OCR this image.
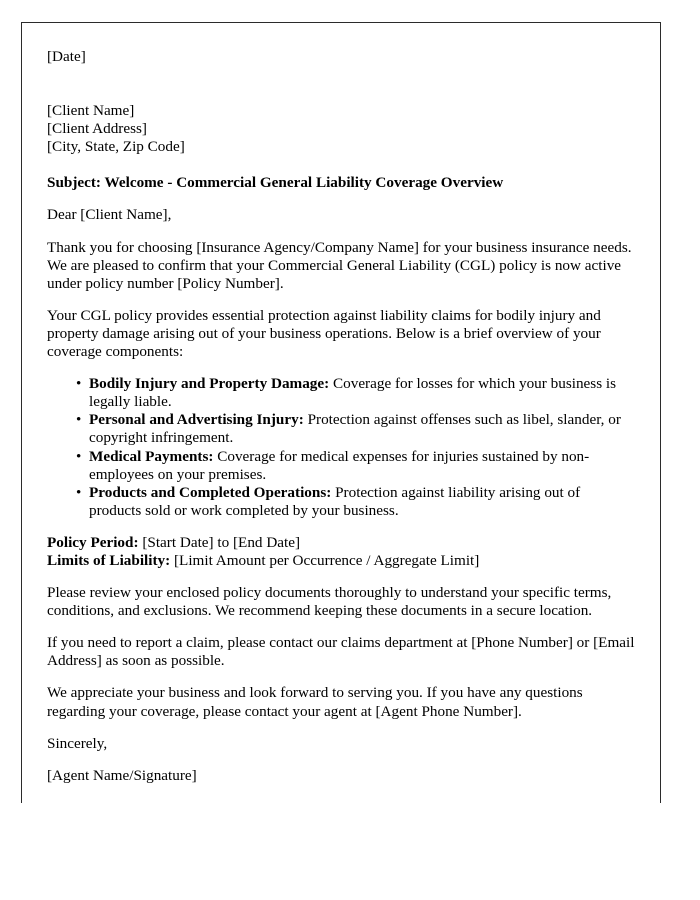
[Date]
[Client Name]
[Client Address]
[City, State, Zip Code]
Subject: Welcome - Commercial General Liability Coverage Overview
Dear [Client Name],
Thank you for choosing [Insurance Agency/Company Name] for your business insurance needs. We are pleased to confirm that your Commercial General Liability (CGL) policy is now active under policy number [Policy Number].
Your CGL policy provides essential protection against liability claims for bodily injury and property damage arising out of your business operations. Below is a brief overview of your coverage components:
• Bodily Injury and Property Damage: Coverage for losses for which your business is legally liable.
• Personal and Advertising Injury: Protection against offenses such as libel, slander, or copyright infringement.
• Medical Payments: Coverage for medical expenses for injuries sustained by non-employees on your premises.
• Products and Completed Operations: Protection against liability arising out of products sold or work completed by your business.
Policy Period: [Start Date] to [End Date]
Limits of Liability: [Limit Amount per Occurrence / Aggregate Limit]
Please review your enclosed policy documents thoroughly to understand your specific terms, conditions, and exclusions. We recommend keeping these documents in a secure location.
If you need to report a claim, please contact our claims department at [Phone Number] or [Email Address] as soon as possible.
We appreciate your business and look forward to serving you. If you have any questions regarding your coverage, please contact your agent at [Agent Phone Number].
Sincerely,
[Agent Name/Signature]
